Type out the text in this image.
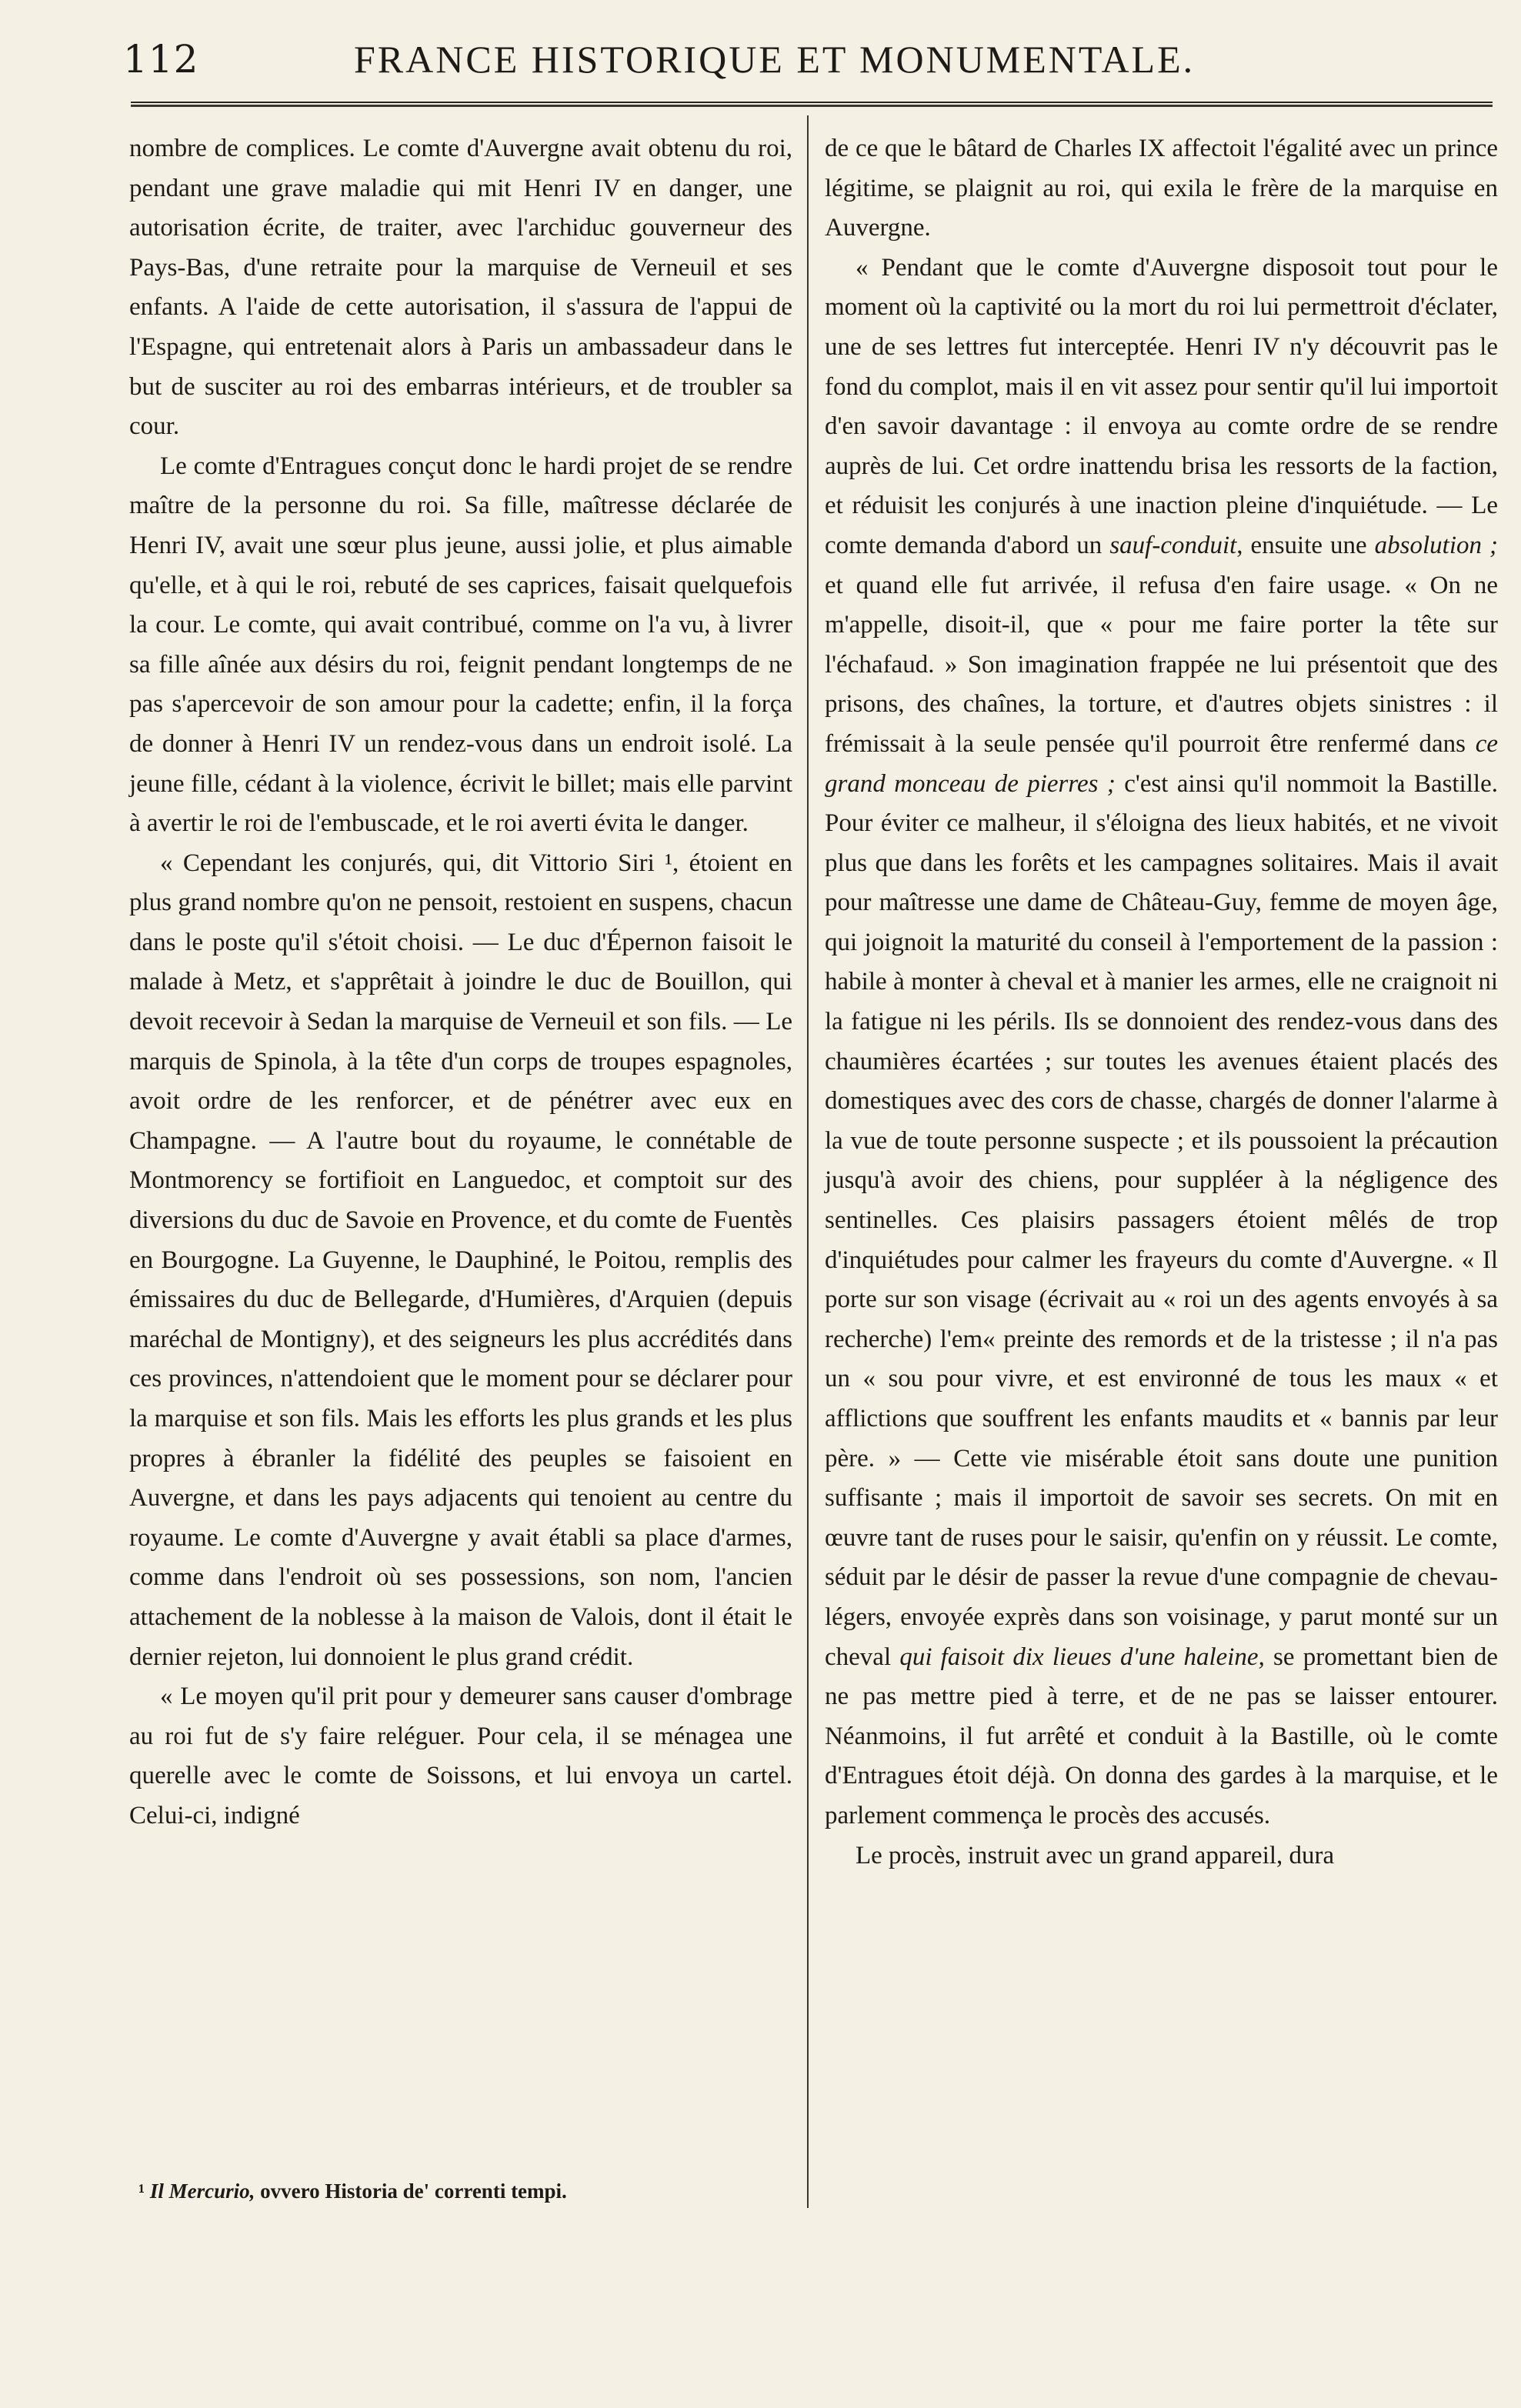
112	FRANCE HISTORIQUE ET MONUMENTALE.

nombre de complices. Le comte d'Auvergne avait obtenu du roi, pendant une grave maladie qui mit Henri IV en danger, une autorisation écrite, de traiter, avec l'archiduc gouverneur des Pays-Bas, d'une retraite pour la marquise de Verneuil et ses enfants. A l'aide de cette autorisation, il s'assura de l'appui de l'Espagne, qui entretenait alors à Paris un ambassadeur dans le but de susciter au roi des embarras intérieurs, et de troubler sa cour.

Le comte d'Entragues conçut donc le hardi projet de se rendre maître de la personne du roi. Sa fille, maîtresse déclarée de Henri IV, avait une sœur plus jeune, aussi jolie, et plus aimable qu'elle, et à qui le roi, rebuté de ses caprices, faisait quelquefois la cour. Le comte, qui avait contribué, comme on l'a vu, à livrer sa fille aînée aux désirs du roi, feignit pendant longtemps de ne pas s'apercevoir de son amour pour la cadette; enfin, il la força de donner à Henri IV un rendez-vous dans un endroit isolé. La jeune fille, cédant à la violence, écrivit le billet; mais elle parvint à avertir le roi de l'embuscade, et le roi averti évita le danger.

« Cependant les conjurés, qui, dit Vittorio Siri ¹, étoient en plus grand nombre qu'on ne pensoit, restoient en suspens, chacun dans le poste qu'il s'étoit choisi. — Le duc d'Épernon faisoit le malade à Metz, et s'apprêtait à joindre le duc de Bouillon, qui devoit recevoir à Sedan la marquise de Verneuil et son fils. — Le marquis de Spinola, à la tête d'un corps de troupes espagnoles, avoit ordre de les renforcer, et de pénétrer avec eux en Champagne. — A l'autre bout du royaume, le connétable de Montmorency se fortifioit en Languedoc, et comptoit sur des diversions du duc de Savoie en Provence, et du comte de Fuentès en Bourgogne. La Guyenne, le Dauphiné, le Poitou, remplis des émissaires du duc de Bellegarde, d'Humières, d'Arquien (depuis maréchal de Montigny), et des seigneurs les plus accrédités dans ces provinces, n'attendoient que le moment pour se déclarer pour la marquise et son fils. Mais les efforts les plus grands et les plus propres à ébranler la fidélité des peuples se faisoient en Auvergne, et dans les pays adjacents qui tenoient au centre du royaume. Le comte d'Auvergne y avait établi sa place d'armes, comme dans l'endroit où ses possessions, son nom, l'ancien attachement de la noblesse à la maison de Valois, dont il était le dernier rejeton, lui donnoient le plus grand crédit.

« Le moyen qu'il prit pour y demeurer sans causer d'ombrage au roi fut de s'y faire reléguer. Pour cela, il se ménagea une querelle avec le comte de Soissons, et lui envoya un cartel. Celui-ci, indigné

de ce que le bâtard de Charles IX affectoit l'égalité avec un prince légitime, se plaignit au roi, qui exila le frère de la marquise en Auvergne.

« Pendant que le comte d'Auvergne disposoit tout pour le moment où la captivité ou la mort du roi lui permettroit d'éclater, une de ses lettres fut interceptée. Henri IV n'y découvrit pas le fond du complot, mais il en vit assez pour sentir qu'il lui importoit d'en savoir davantage : il envoya au comte ordre de se rendre auprès de lui. Cet ordre inattendu brisa les ressorts de la faction, et réduisit les conjurés à une inaction pleine d'inquiétude. — Le comte demanda d'abord un sauf-conduit, ensuite une absolution ; et quand elle fut arrivée, il refusa d'en faire usage. « On ne m'appelle, disoit-il, que « pour me faire porter la tête sur l'échafaud. » Son imagination frappée ne lui présentoit que des prisons, des chaînes, la torture, et d'autres objets sinistres : il frémissait à la seule pensée qu'il pourroit être renfermé dans ce grand monceau de pierres ; c'est ainsi qu'il nommoit la Bastille. Pour éviter ce malheur, il s'éloigna des lieux habités, et ne vivoit plus que dans les forêts et les campagnes solitaires. Mais il avait pour maîtresse une dame de Château-Guy, femme de moyen âge, qui joignoit la maturité du conseil à l'emportement de la passion : habile à monter à cheval et à manier les armes, elle ne craignoit ni la fatigue ni les périls. Ils se donnoient des rendez-vous dans des chaumières écartées ; sur toutes les avenues étaient placés des domestiques avec des cors de chasse, chargés de donner l'alarme à la vue de toute personne suspecte ; et ils poussoient la précaution jusqu'à avoir des chiens, pour suppléer à la négligence des sentinelles. Ces plaisirs passagers étoient mêlés de trop d'inquiétudes pour calmer les frayeurs du comte d'Auvergne. « Il porte sur son visage (écrivait au « roi un des agents envoyés à sa recherche) l'em« preinte des remords et de la tristesse ; il n'a pas un « sou pour vivre, et est environné de tous les maux « et afflictions que souffrent les enfants maudits et « bannis par leur père. » — Cette vie misérable étoit sans doute une punition suffisante ; mais il importoit de savoir ses secrets. On mit en œuvre tant de ruses pour le saisir, qu'enfin on y réussit. Le comte, séduit par le désir de passer la revue d'une compagnie de chevau-légers, envoyée exprès dans son voisinage, y parut monté sur un cheval qui faisoit dix lieues d'une haleine, se promettant bien de ne pas mettre pied à terre, et de ne pas se laisser entourer. Néanmoins, il fut arrêté et conduit à la Bastille, où le comte d'Entragues étoit déjà. On donna des gardes à la marquise, et le parlement commença le procès des accusés.

Le procès, instruit avec un grand appareil, dura

¹ Il Mercurio, ovvero Historia de' correnti tempi.
